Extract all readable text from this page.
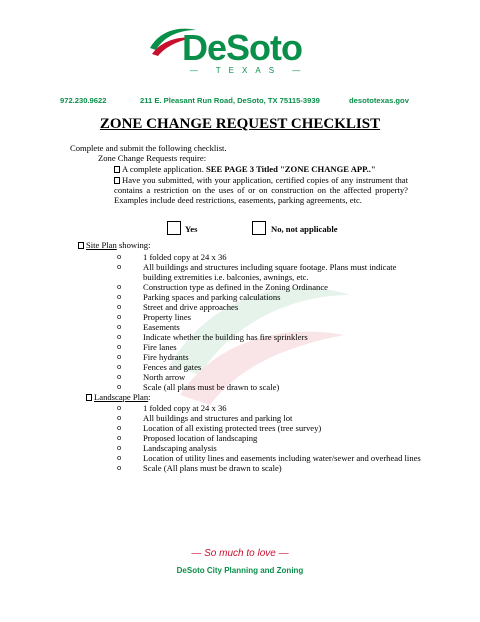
DeSoto
— TEXAS —
972.230.9622	211 E. Pleasant Run Road, DeSoto, TX 75115-3939	desototexas.gov
ZONE CHANGE REQUEST CHECKLIST
Complete and submit the following checklist.
Zone Change Requests require:
A complete application. SEE PAGE 3 Titled "ZONE CHANGE APP.."
Have you submitted, with your application, certified copies of any instrument that contains a restriction on the uses of or on construction on the affected property? Examples include deed restrictions, easements, parking agreements, etc.
Yes	No, not applicable
Site Plan showing:
o	1 folded copy at 24 x 36
o	All buildings and structures including square footage. Plans must indicate building extremities i.e. balconies, awnings, etc.
o	Construction type as defined in the Zoning Ordinance
o	Parking spaces and parking calculations
o	Street and drive approaches
o	Property lines
o	Easements
o	Indicate whether the building has fire sprinklers
o	Fire lanes
o	Fire hydrants
o	Fences and gates
o	North arrow
o	Scale (all plans must be drawn to scale)
Landscape Plan:
o	1 folded copy at 24 x 36
o	All buildings and structures and parking lot
o	Location of all existing protected trees (tree survey)
o	Proposed location of landscaping
o	Landscaping analysis
o	Location of utility lines and easements including water/sewer and overhead lines
o	Scale (All plans must be drawn to scale)
— So much to love —
DeSoto City Planning and Zoning
